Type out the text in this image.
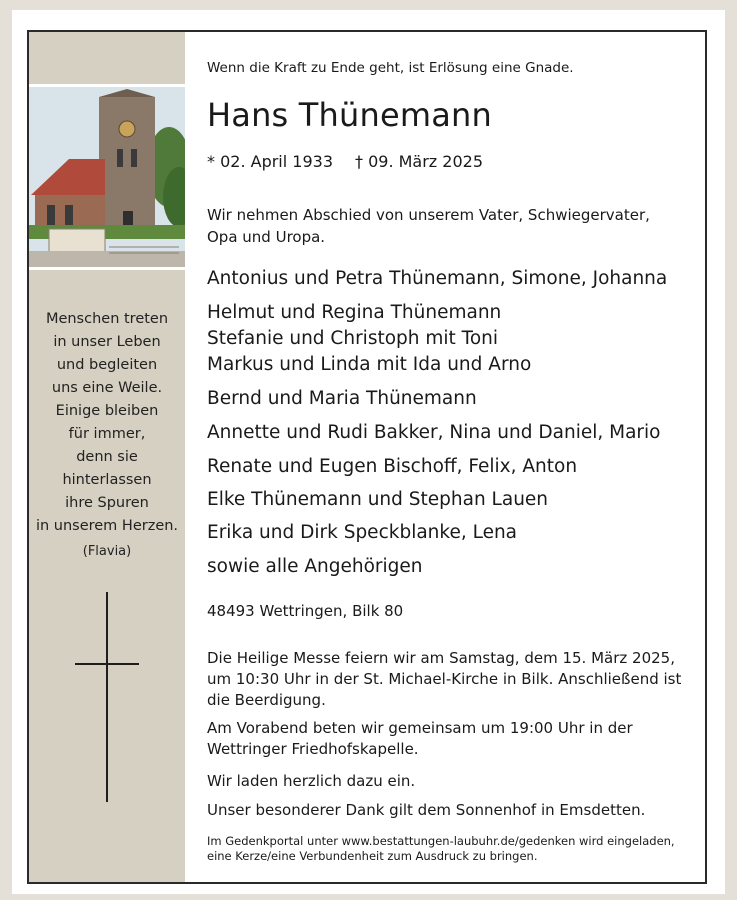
Menschen treten
in unser Leben
und begleiten
uns eine Weile.
Einige bleiben
für immer,
denn sie
hinterlassen
ihre Spuren
in unserem Herzen.
(Flavia)
Wenn die Kraft zu Ende geht, ist Erlösung eine Gnade.
Hans Thünemann
* 02. April 1933 † 09. März 2025
Wir nehmen Abschied von unserem Vater, Schwiegervater, Opa und Uropa.
Antonius und Petra Thünemann, Simone, Johanna
Helmut und Regina Thünemann
Stefanie und Christoph mit Toni
Markus und Linda mit Ida und Arno
Bernd und Maria Thünemann
Annette und Rudi Bakker, Nina und Daniel, Mario
Renate und Eugen Bischoff, Felix, Anton
Elke Thünemann und Stephan Lauen
Erika und Dirk Speckblanke, Lena
sowie alle Angehörigen
48493 Wettringen, Bilk 80
Die Heilige Messe feiern wir am Samstag, dem 15. März 2025, um 10:30 Uhr in der St. Michael-Kirche in Bilk. Anschließend ist die Beerdigung.
Am Vorabend beten wir gemeinsam um 19:00 Uhr in der Wettringer Friedhofskapelle.
Wir laden herzlich dazu ein.
Unser besonderer Dank gilt dem Sonnenhof in Emsdetten.
Im Gedenkportal unter www.bestattungen-laubuhr.de/gedenken wird eingeladen, eine Kerze/eine Verbundenheit zum Ausdruck zu bringen.
